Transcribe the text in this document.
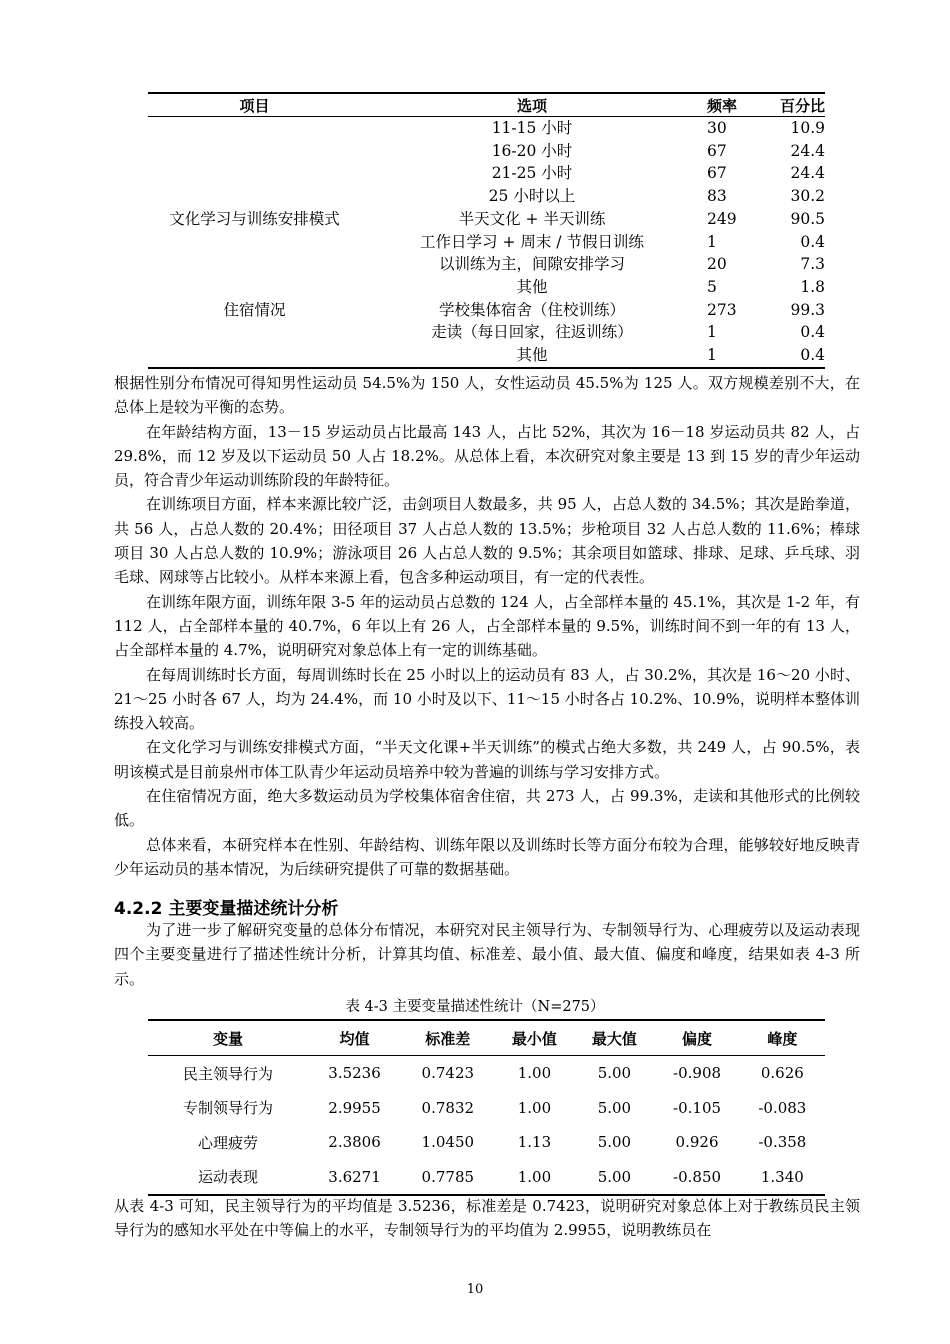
项目	选项	频率	百分比
	11-15 小时	30	10.9
	16-20 小时	67	24.4
	21-25 小时	67	24.4
	25 小时以上	83	30.2
文化学习与训练安排模式	半天文化 + 半天训练	249	90.5
	工作日学习 + 周末 / 节假日训练	1	0.4
	以训练为主，间隙安排学习	20	7.3
	其他	5	1.8
住宿情况	学校集体宿舍（住校训练）	273	99.3
	走读（每日回家，往返训练）	1	0.4
	其他	1	0.4

根据性别分布情况可得知男性运动员 54.5%为 150 人，女性运动员 45.5%为 125 人。双方规模差别不大，在总体上是较为平衡的态势。

在年龄结构方面，13－15 岁运动员占比最高 143 人，占比 52%，其次为 16－18 岁运动员共 82 人，占 29.8%，而 12 岁及以下运动员 50 人占 18.2%。从总体上看，本次研究对象主要是 13 到 15 岁的青少年运动员，符合青少年运动训练阶段的年龄特征。

在训练项目方面，样本来源比较广泛，击剑项目人数最多，共 95 人，占总人数的 34.5%；其次是跆拳道，共 56 人，占总人数的 20.4%；田径项目 37 人占总人数的 13.5%；步枪项目 32 人占总人数的 11.6%；棒球项目 30 人占总人数的 10.9%；游泳项目 26 人占总人数的 9.5%；其余项目如篮球、排球、足球、乒乓球、羽毛球、网球等占比较小。从样本来源上看，包含多种运动项目，有一定的代表性。

在训练年限方面，训练年限 3-5 年的运动员占总数的 124 人，占全部样本量的 45.1%，其次是 1-2 年，有 112 人，占全部样本量的 40.7%，6 年以上有 26 人，占全部样本量的 9.5%，训练时间不到一年的有 13 人，占全部样本量的 4.7%，说明研究对象总体上有一定的训练基础。

在每周训练时长方面，每周训练时长在 25 小时以上的运动员有 83 人，占 30.2%，其次是 16～20 小时、21～25 小时各 67 人，均为 24.4%，而 10 小时及以下、11～15 小时各占 10.2%、10.9%，说明样本整体训练投入较高。

在文化学习与训练安排模式方面，“半天文化课+半天训练”的模式占绝大多数，共 249 人，占 90.5%，表明该模式是目前泉州市体工队青少年运动员培养中较为普遍的训练与学习安排方式。

在住宿情况方面，绝大多数运动员为学校集体宿舍住宿，共 273 人，占 99.3%，走读和其他形式的比例较低。

总体来看，本研究样本在性别、年龄结构、训练年限以及训练时长等方面分布较为合理，能够较好地反映青少年运动员的基本情况，为后续研究提供了可靠的数据基础。

4.2.2 主要变量描述统计分析

为了进一步了解研究变量的总体分布情况，本研究对民主领导行为、专制领导行为、心理疲劳以及运动表现四个主要变量进行了描述性统计分析，计算其均值、标准差、最小值、最大值、偏度和峰度，结果如表 4-3 所示。

表 4-3 主要变量描述性统计（N=275）
变量	均值	标准差	最小值	最大值	偏度	峰度
民主领导行为	3.5236	0.7423	1.00	5.00	-0.908	0.626
专制领导行为	2.9955	0.7832	1.00	5.00	-0.105	-0.083
心理疲劳	2.3806	1.0450	1.13	5.00	0.926	-0.358
运动表现	3.6271	0.7785	1.00	5.00	-0.850	1.340

从表 4-3 可知，民主领导行为的平均值是 3.5236，标准差是 0.7423，说明研究对象总体上对于教练员民主领导行为的感知水平处在中等偏上的水平，专制领导行为的平均值为 2.9955，说明教练员在

10
